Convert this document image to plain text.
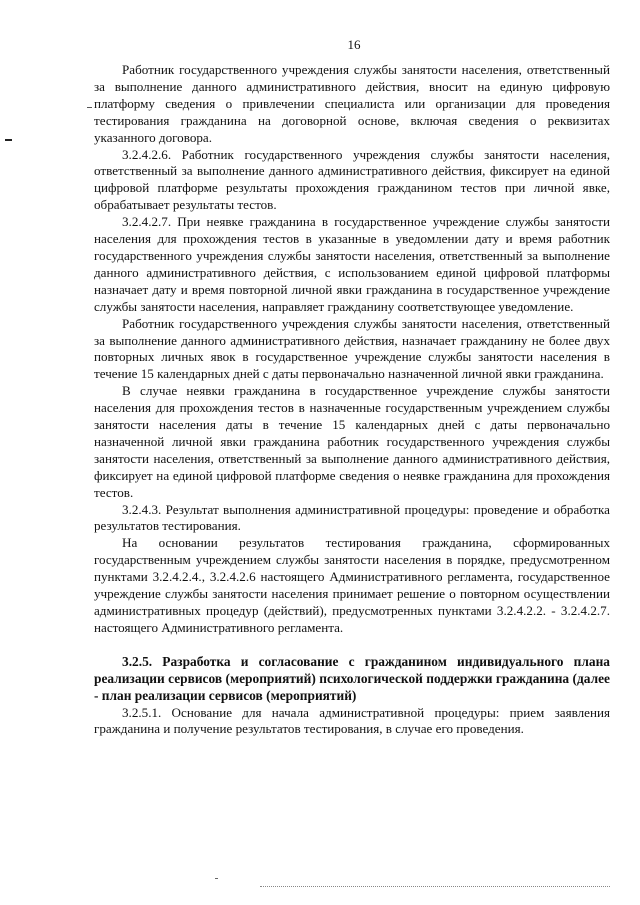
16

Работник государственного учреждения службы занятости населения, ответственный за выполнение данного административного действия, вносит на единую цифровую платформу сведения о привлечении специалиста или организации для проведения тестирования гражданина на договорной основе, включая сведения о реквизитах указанного договора.

3.2.4.2.6. Работник государственного учреждения службы занятости населения, ответственный за выполнение данного административного действия, фиксирует на единой цифровой платформе результаты прохождения гражданином тестов при личной явке, обрабатывает результаты тестов.

3.2.4.2.7. При неявке гражданина в государственное учреждение службы занятости населения для прохождения тестов в указанные в уведомлении дату и время работник государственного учреждения службы занятости населения, ответственный за выполнение данного административного действия, с использованием единой цифровой платформы назначает дату и время повторной личной явки гражданина в государственное учреждение службы занятости населения, направляет гражданину соответствующее уведомление.

Работник государственного учреждения службы занятости населения, ответственный за выполнение данного административного действия, назначает гражданину не более двух повторных личных явок в государственное учреждение службы занятости населения в течение 15 календарных дней с даты первоначально назначенной личной явки гражданина.

В случае неявки гражданина в государственное учреждение службы занятости населения для прохождения тестов в назначенные государственным учреждением службы занятости населения даты в течение 15 календарных дней с даты первоначально назначенной личной явки гражданина работник государственного учреждения службы занятости населения, ответственный за выполнение данного административного действия, фиксирует на единой цифровой платформе сведения о неявке гражданина для прохождения тестов.

3.2.4.3. Результат выполнения административной процедуры: проведение и обработка результатов тестирования.

На основании результатов тестирования гражданина, сформированных государственным учреждением службы занятости населения в порядке, предусмотренном пунктами 3.2.4.2.4., 3.2.4.2.6 настоящего Административного регламента, государственное учреждение службы занятости населения принимает решение о повторном осуществлении административных процедур (действий), предусмотренных пунктами 3.2.4.2.2. - 3.2.4.2.7. настоящего Административного регламента.

3.2.5. Разработка и согласование с гражданином индивидуального плана реализации сервисов (мероприятий) психологической поддержки гражданина (далее - план реализации сервисов (мероприятий)

3.2.5.1. Основание для начала административной процедуры: прием заявления гражданина и получение результатов тестирования, в случае его проведения.
